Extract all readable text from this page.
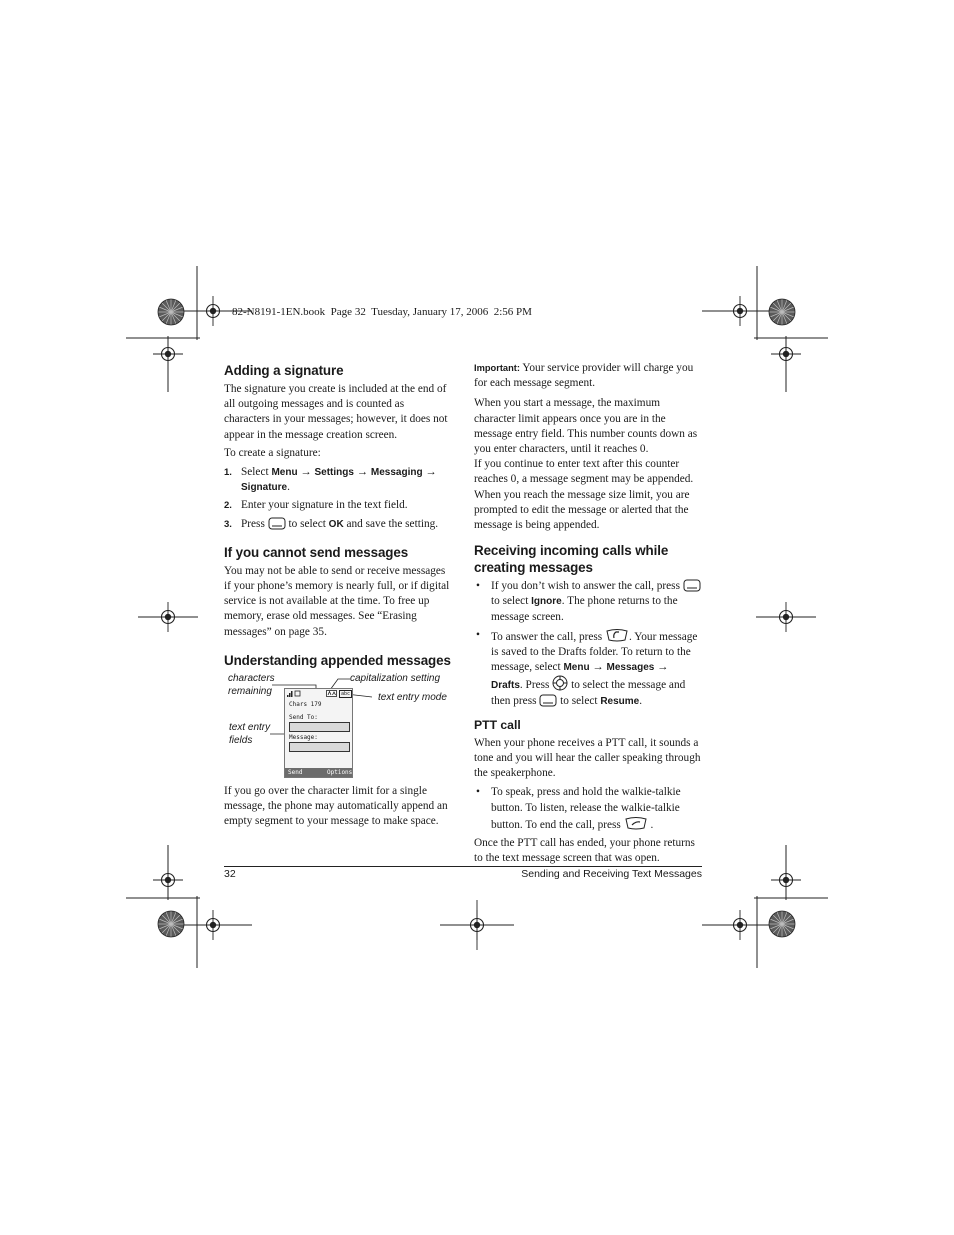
82-N8191-1EN.book  Page 32  Tuesday, January 17, 2006  2:56 PM
Adding a signature

The signature you create is included at the end of all outgoing messages and is counted as characters in your messages; however, it does not appear in the message creation screen.

To create a signature:

1. Select Menu → Settings → Messaging → Signature.
2. Enter your signature in the text field.
3. Press to select OK and save the setting.
If you cannot send messages

You may not be able to send or receive messages if your phone’s memory is nearly full, or if digital service is not available at the time. To free up memory, erase old messages. See “Erasing messages” on page 35.

Understanding appended messages
characters remaining
capitalization setting
text entry mode
text entry fields
abc
Chars 179
Send To:
Message:
Send	Options

If you go over the character limit for a single message, the phone may automatically append an empty segment to your message to make space.

Important: Your service provider will charge you for each message segment.

When you start a message, the maximum character limit appears once you are in the message entry field. This number counts down as you enter characters, until it reaches 0.

If you continue to enter text after this counter reaches 0, a message segment may be appended. When you reach the message size limit, you are prompted to edit the message or alerted that the message is being appended.

Receiving incoming calls while creating messages
• If you don’t wish to answer the call, press  to select Ignore. The phone returns to the message screen.
• To answer the call, press . Your message is saved to the Drafts folder. To return to the message, select Menu → Messages → Drafts. Press to select the message and then press to select Resume.
PTT call

When your phone receives a PTT call, it sounds a tone and you will hear the caller speaking through the speakerphone.

• To speak, press and hold the walkie-talkie button. To listen, release the walkie-talkie button. To end the call, press	.

Once the PTT call has ended, your phone returns to the text message screen that was open.

32	Sending and Receiving Text Messages
